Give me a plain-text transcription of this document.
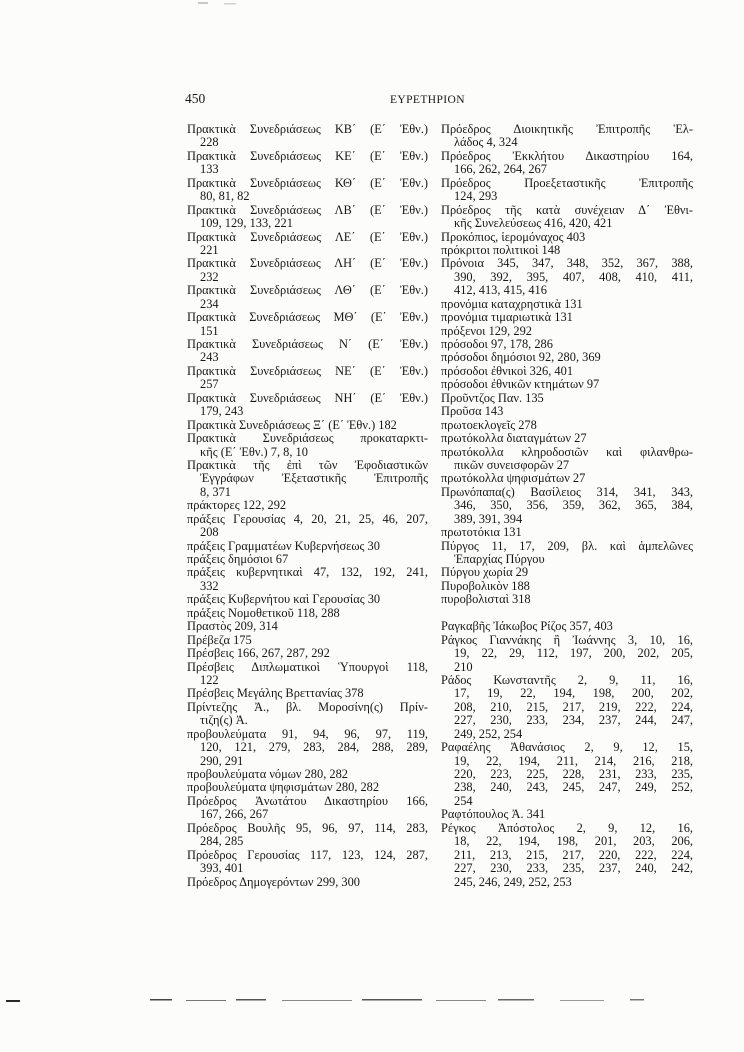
450	ΕΥΡΕΤΗΡΙΟΝ
Πρακτικὰ Συνεδριάσεως ΚΒ΄ (Ε΄ Ἐθν.)
228
Πρακτικὰ Συνεδριάσεως ΚΕ΄ (Ε΄ Ἐθν.)
133
Πρακτικὰ Συνεδριάσεως ΚΘ΄ (Ε΄ Ἐθν.)
80, 81, 82
Πρακτικὰ Συνεδριάσεως ΛΒ΄ (Ε΄ Ἐθν.)
109, 129, 133, 221
Πρακτικὰ Συνεδριάσεως ΛΕ΄ (Ε΄ Ἐθν.)
221
Πρακτικὰ Συνεδριάσεως ΛΗ΄ (Ε΄ Ἐθν.)
232
Πρακτικὰ Συνεδριάσεως ΛΘ΄ (Ε΄ Ἐθν.)
234
Πρακτικὰ Συνεδριάσεως ΜΘ΄ (Ε΄ Ἐθν.)
151
Πρακτικὰ Συνεδριάσεως Ν΄ (Ε΄ Ἐθν.)
243
Πρακτικὰ Συνεδριάσεως ΝΕ΄ (Ε΄ Ἐθν.)
257
Πρακτικὰ Συνεδριάσεως ΝΗ΄ (Ε΄ Ἐθν.)
179, 243
Πρακτικὰ Συνεδριάσεως Ξ΄ (Ε΄ Ἐθν.) 182
Πρακτικὰ Συνεδριάσεως προκαταρκτι-
κῆς (Ε΄ Ἐθν.) 7, 8, 10
Πρακτικὰ τῆς ἐπὶ τῶν Ἐφοδιαστικῶν
Ἐγγράφων Ἐξεταστικῆς Ἐπιτροπῆς
8, 371
πράκτορες 122, 292
πράξεις Γερουσίας 4, 20, 21, 25, 46, 207,
208
πράξεις Γραμματέων Κυβερνήσεως 30
πράξεις δημόσιοι 67
πράξεις κυβερνητικαὶ 47, 132, 192, 241,
332
πράξεις Κυβερνήτου καὶ Γερουσίας 30
πράξεις Νομοθετικοῦ 118, 288
Πραστὸς 209, 314
Πρέβεζα 175
Πρέσβεις 166, 267, 287, 292
Πρέσβεις Διπλωματικοὶ Ὑπουργοὶ 118,
122
Πρέσβεις Μεγάλης Βρεττανίας 378
Πρίντεζης Ἀ., βλ. Μοροσίνη(ς) Πρίν-
τιζη(ς) Ἀ.
προβουλεύματα 91, 94, 96, 97, 119,
120, 121, 279, 283, 284, 288, 289,
290, 291
προβουλεύματα νόμων 280, 282
προβουλεύματα ψηφισμάτων 280, 282
Πρόεδρος Ἀνωτάτου Δικαστηρίου 166,
167, 266, 267
Πρόεδρος Βουλῆς 95, 96, 97, 114, 283,
284, 285
Πρόεδρος Γερουσίας 117, 123, 124, 287,
393, 401
Πρόεδρος Δημογερόντων 299, 300
Πρόεδρος Διοικητικῆς Ἐπιτροπῆς Ἑλ-
λάδος 4, 324
Πρόεδρος Ἐκκλήτου Δικαστηρίου 164,
166, 262, 264, 267
Πρόεδρος Προεξεταστικῆς Ἐπιτροπῆς
124, 293
Πρόεδρος τῆς κατὰ συνέχειαν Δ΄ Ἐθνι-
κῆς Συνελεύσεως 416, 420, 421
Προκόπιος, ἱερομόναχος 403
πρόκριτοι πολιτικοὶ 148
Πρόνοια 345, 347, 348, 352, 367, 388,
390, 392, 395, 407, 408, 410, 411,
412, 413, 415, 416
προνόμια καταχρηστικὰ 131
προνόμια τιμαριωτικὰ 131
πρόξενοι 129, 292
πρόσοδοι 97, 178, 286
πρόσοδοι δημόσιοι 92, 280, 369
πρόσοδοι ἐθνικοὶ 326, 401
πρόσοδοι ἐθνικῶν κτημάτων 97
Προῦντζος Παν. 135
Προῦσα 143
πρωτοεκλογεῖς 278
πρωτόκολλα διαταγμάτων 27
πρωτόκολλα κληροδοσιῶν καὶ φιλανθρω-
πικῶν συνεισφορῶν 27
πρωτόκολλα ψηφισμάτων 27
Πρωνόπαπα(ς) Βασίλειος 314, 341, 343,
346, 350, 356, 359, 362, 365, 384,
389, 391, 394
πρωτοτόκια 131
Πύργος 11, 17, 209, βλ. καὶ ἀμπελῶνες
Ἐπαρχίας Πύργου
Πύργου χωρία 29
Πυροβολικὸν 188
πυροβολισταὶ 318
Ραγκαβῆς Ἰάκωβος Ρίζος 357, 403
Ράγκος Γιαννάκης ἢ Ἰωάννης 3, 10, 16,
19, 22, 29, 112, 197, 200, 202, 205,
210
Ράδος Κωνσταντῆς 2, 9, 11, 16,
17, 19, 22, 194, 198, 200, 202,
208, 210, 215, 217, 219, 222, 224,
227, 230, 233, 234, 237, 244, 247,
249, 252, 254
Ραφαέλης Ἀθανάσιος 2, 9, 12, 15,
19, 22, 194, 211, 214, 216, 218,
220, 223, 225, 228, 231, 233, 235,
238, 240, 243, 245, 247, 249, 252,
254
Ραφτόπουλος Ἀ. 341
Ρέγκος Ἀπόστολος 2, 9, 12, 16,
18, 22, 194, 198, 201, 203, 206,
211, 213, 215, 217, 220, 222, 224,
227, 230, 233, 235, 237, 240, 242,
245, 246, 249, 252, 253
